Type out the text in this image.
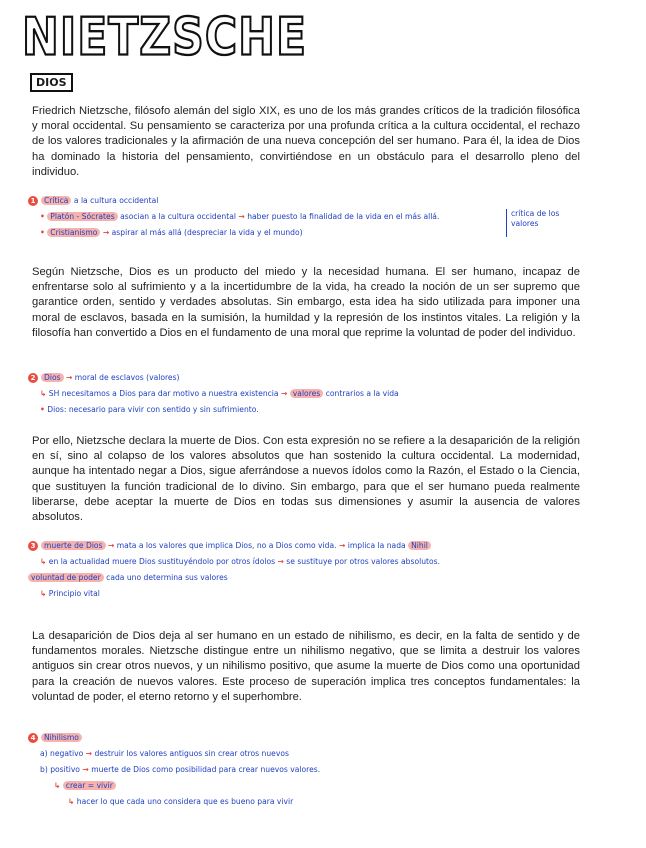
NIETZSCHE
DIOS

Friedrich Nietzsche, filósofo alemán del siglo XIX, es uno de los más grandes críticos de la tradición filosófica y moral occidental. Su pensamiento se caracteriza por una profunda crítica a la cultura occidental, el rechazo de los valores tradicionales y la afirmación de una nueva concepción del ser humano. Para él, la idea de Dios ha dominado la historia del pensamiento, convirtiéndose en un obstáculo para el desarrollo pleno del individuo.

1 Crítica a la cultura occidental
• Platón - Sócrates asocian a la cultura occidental → haber puesto la finalidad de la vida en el más allá.
• Cristianismo → aspirar al más allá (despreciar la vida y el mundo)
crítica de los valores

Según Nietzsche, Dios es un producto del miedo y la necesidad humana. El ser humano, incapaz de enfrentarse solo al sufrimiento y a la incertidumbre de la vida, ha creado la noción de un ser supremo que garantice orden, sentido y verdades absolutas. Sin embargo, esta idea ha sido utilizada para imponer una moral de esclavos, basada en la sumisión, la humildad y la represión de los instintos vitales. La religión y la filosofía han convertido a Dios en el fundamento de una moral que reprime la voluntad de poder del individuo.

2 Dios → moral de esclavos (valores)
↳ SH necesitamos a Dios para dar motivo a nuestra existencia → valores contrarios a la vida
• Dios: necesario para vivir con sentido y sin sufrimiento.

Por ello, Nietzsche declara la muerte de Dios. Con esta expresión no se refiere a la desaparición de la religión en sí, sino al colapso de los valores absolutos que han sostenido la cultura occidental. La modernidad, aunque ha intentado negar a Dios, sigue aferrándose a nuevos ídolos como la Razón, el Estado o la Ciencia, que sustituyen la función tradicional de lo divino. Sin embargo, para que el ser humano pueda realmente liberarse, debe aceptar la muerte de Dios en todas sus dimensiones y asumir la ausencia de valores absolutos.

3 muerte de Dios → mata a los valores que implica Dios, no a Dios como vida. → implica la nada Nihil
↳ en la actualidad muere Dios sustituyéndolo por otros ídolos → se sustituye por otros valores absolutos.
voluntad de poder cada uno determina sus valores
↳ Principio vital

La desaparición de Dios deja al ser humano en un estado de nihilismo, es decir, en la falta de sentido y de fundamentos morales. Nietzsche distingue entre un nihilismo negativo, que se limita a destruir los valores antiguos sin crear otros nuevos, y un nihilismo positivo, que asume la muerte de Dios como una oportunidad para la creación de nuevos valores. Este proceso de superación implica tres conceptos fundamentales: la voluntad de poder, el eterno retorno y el superhombre.

4 Nihilismo
a) negativo → destruir los valores antiguos sin crear otros nuevos
b) positivo → muerte de Dios como posibilidad para crear nuevos valores.
↳ crear = vivir
↳ hacer lo que cada uno considera que es bueno para vivir
